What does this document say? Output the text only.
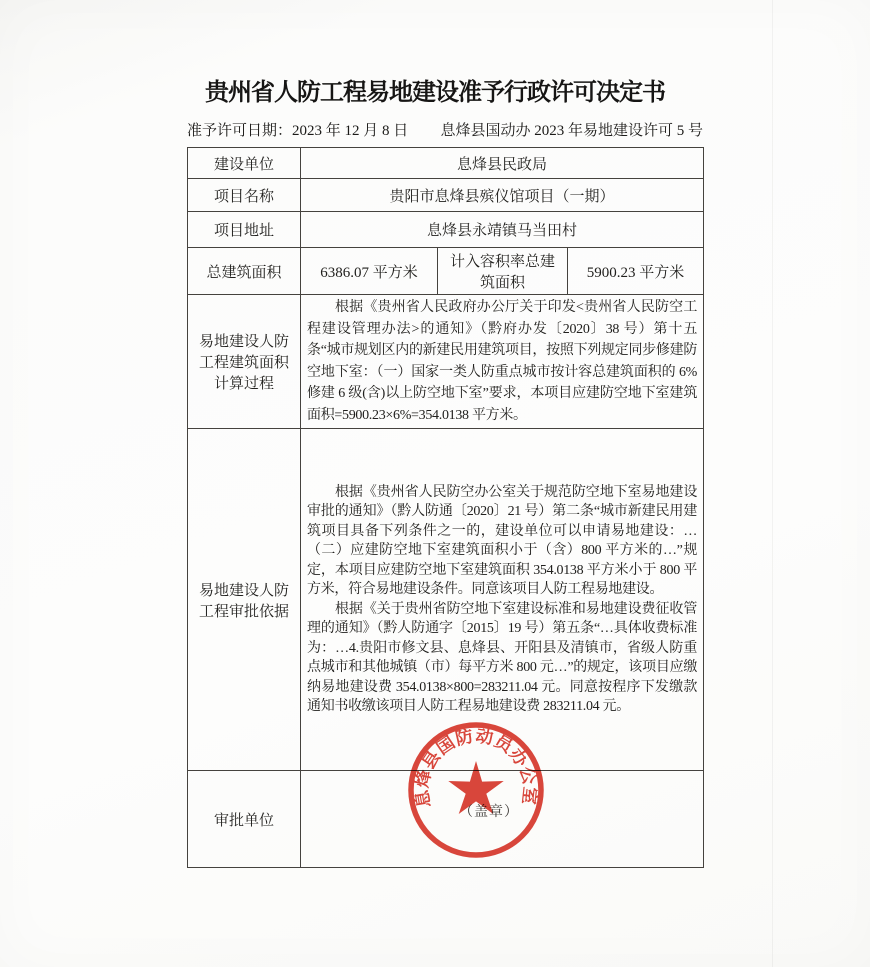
贵州省人防工程易地建设准予行政许可决定书
准予许可日期：2023 年 12 月 8 日 息烽县国动办 2023 年易地建设许可 5 号
建设单位	息烽县民政局		
项目名称	贵阳市息烽县殡仪馆项目（一期）		
项目地址	息烽县永靖镇马当田村		
总建筑面积	6386.07 平方米	计入容积率总建筑面积	5900.23 平方米
易地建设人防工程建筑面积计算过程	根据《贵州省人民政府办公厅关于印发<贵州省人民防空工程建设管理办法>的通知》（黔府办发〔2020〕38 号）第十五条“城市规划区内的新建民用建筑项目，按照下列规定同步修建防空地下室：（一）国家一类人防重点城市按计容总建筑面积的 6%修建 6 级(含)以上防空地下室”要求，本项目应建防空地下室建筑面积=5900.23×6%=354.0138 平方米。		

易地建设人防工程审批依据	根据《贵州省人民防空办公室关于规范防空地下室易地建设审批的通知》（黔人防通〔2020〕21 号）第二条“城市新建民用建筑项目具备下列条件之一的，建设单位可以申请易地建设：…（二）应建防空地下室建筑面积小于（含）800 平方米的…”规定，本项目应建防空地下室建筑面积 354.0138 平方米小于 800 平方米，符合易地建设条件。同意该项目人防工程易地建设。

根据《关于贵州省防空地下室建设标准和易地建设费征收管理的通知》（黔人防通字〔2015〕19 号）第五条“…具体收费标准为：…4.贵阳市修文县、息烽县、开阳县及清镇市，省级人防重点城市和其他城镇（市）每平方米 800 元…”的规定，该项目应缴纳易地建设费 354.0138×800=283211.04 元。同意按程序下发缴款通知书收缴该项目人防工程易地建设费 283211.04 元。		

审批单位				（盖章）
息烽县国防动员办公室
